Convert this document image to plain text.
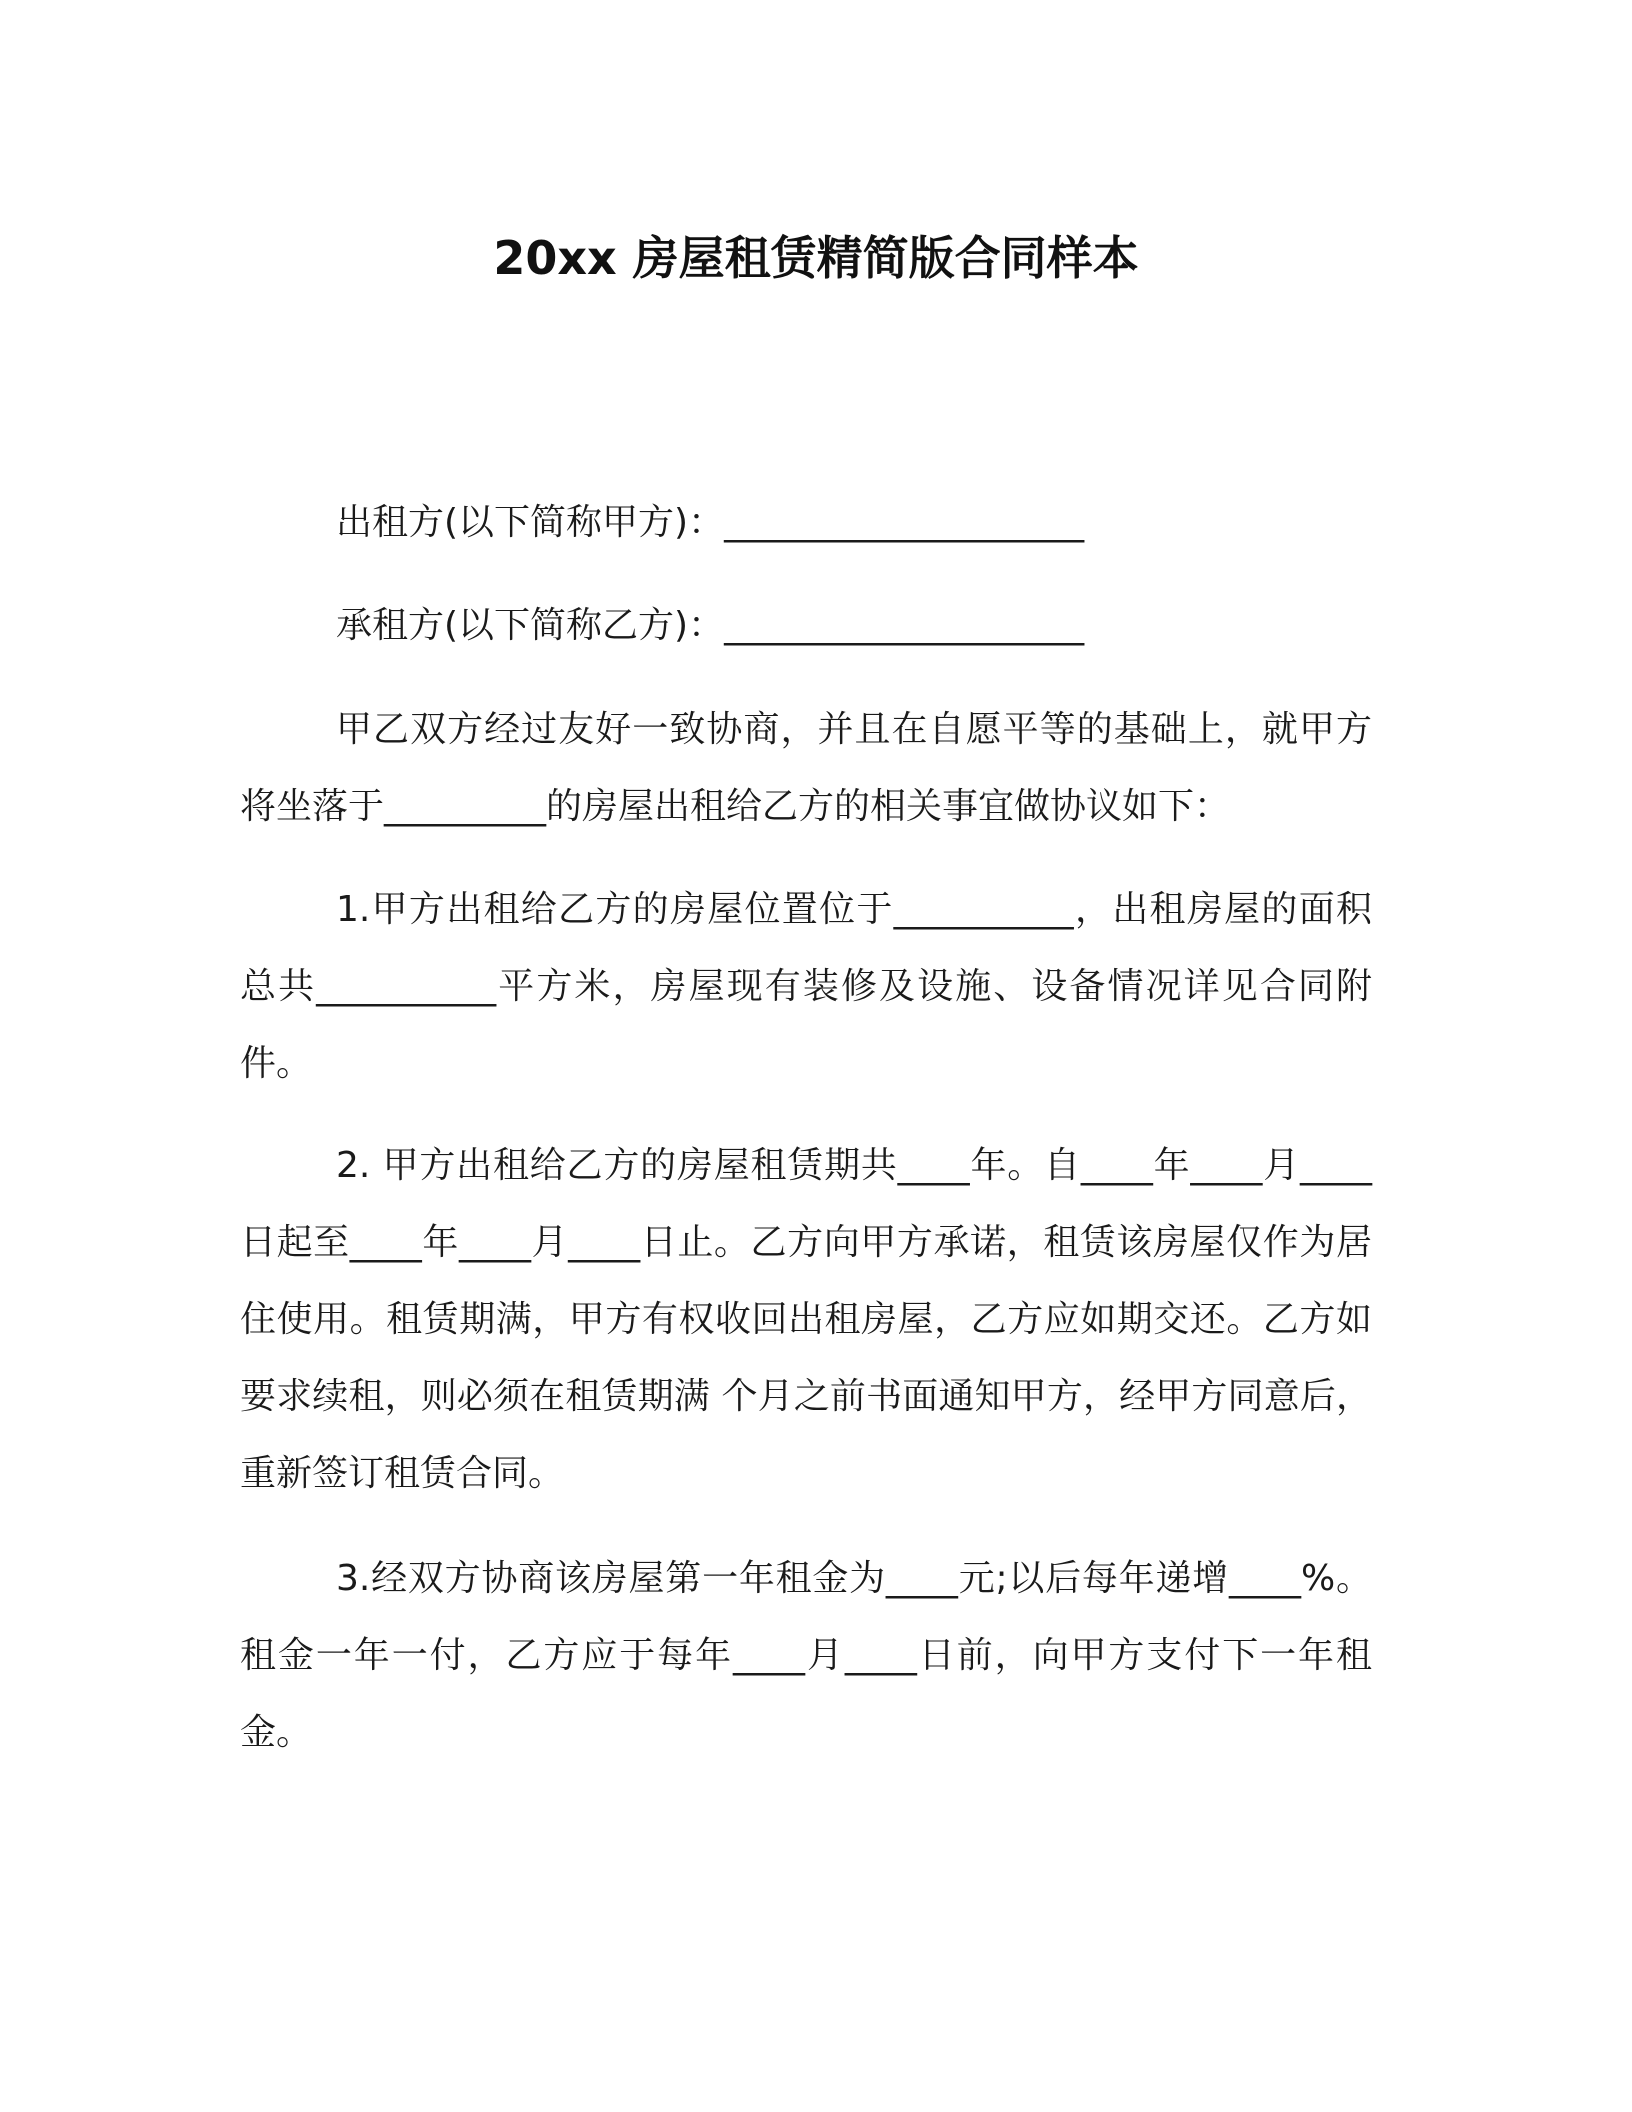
20xx 房屋租赁精简版合同样本
出租方(以下简称甲方)：____________________
承租方(以下简称乙方)：____________________

甲乙双方经过友好一致协商，并且在自愿平等的基础上，就甲方将坐落于_________的房屋出租给乙方的相关事宜做协议如下：

1.甲方出租给乙方的房屋位置位于__________，出租房屋的面积总共__________平方米，房屋现有装修及设施、设备情况详见合同附件。

2. 甲方出租给乙方的房屋租赁期共____年。自____年____月____日起至____年____月____日止。乙方向甲方承诺，租赁该房屋仅作为居住使用。租赁期满，甲方有权收回出租房屋，乙方应如期交还。乙方如要求续租，则必须在租赁期满 个月之前书面通知甲方，经甲方同意后，重新签订租赁合同。

3.经双方协商该房屋第一年租金为____元;以后每年递增____%。租金一年一付，乙方应于每年____月____日前，向甲方支付下一年租金。
